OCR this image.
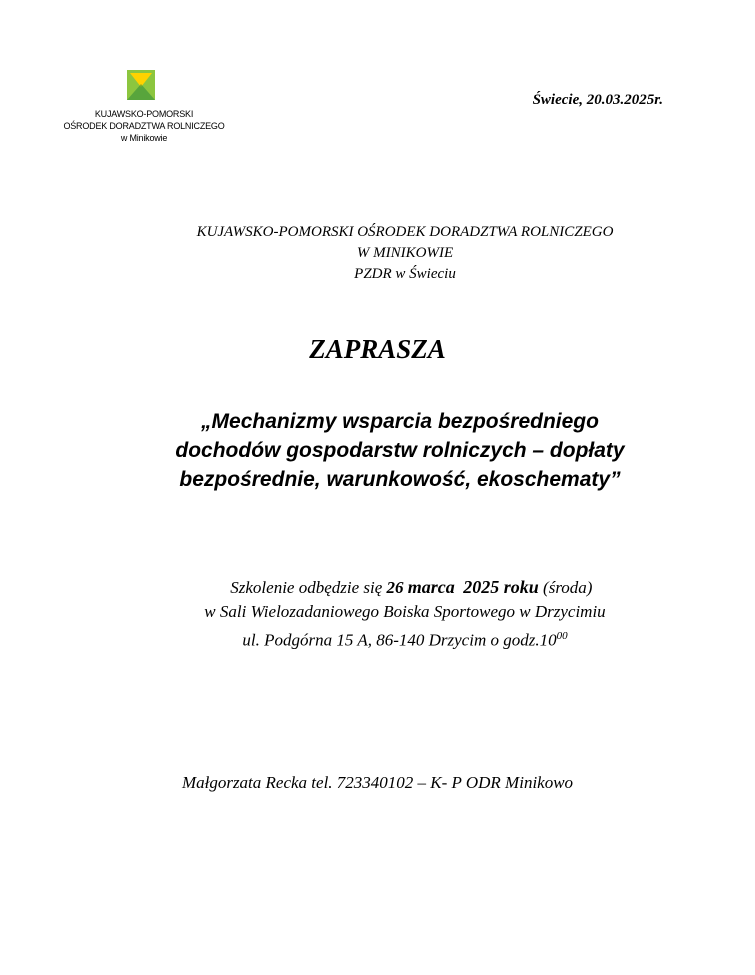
KUJAWSKO-POMORSKI
OŚRODEK DORADZTWA ROLNICZEGO
w Minikowie
Świecie, 20.03.2025r.
KUJAWSKO-POMORSKI OŚRODEK DORADZTWA ROLNICZEGO
W MINIKOWIE
PZDR w Świeciu
ZAPRASZA
„Mechanizmy wsparcia bezpośredniego
dochodów gospodarstw rolniczych – dopłaty
bezpośrednie, warunkowość, ekoschematy”
Szkolenie odbędzie się 26 marca 2025 roku (środa)
w Sali Wielozadaniowego Boiska Sportowego w Drzycimiu
ul. Podgórna 15 A, 86-140 Drzycim o $godz.10^{00}$
Małgorzata Recka tel. 723340102 – K- P ODR Minikowo
